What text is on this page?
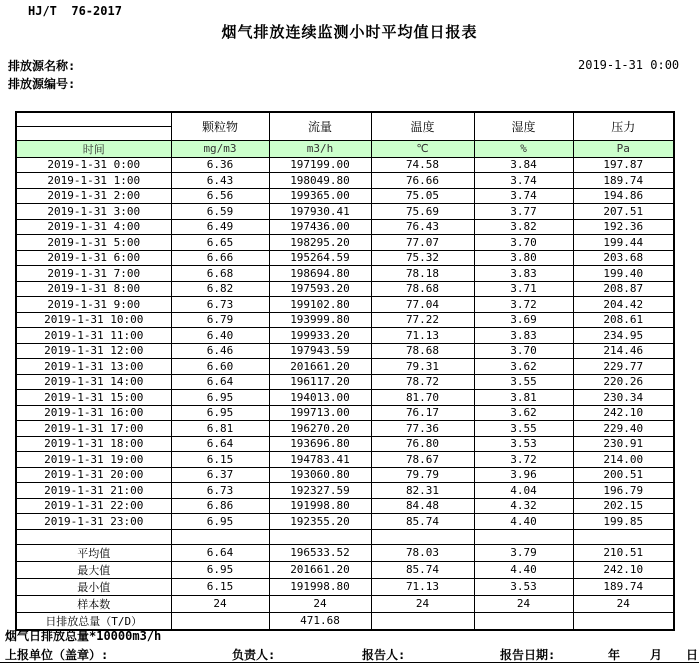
HJ/T  76-2017
烟气排放连续监测小时平均值日报表
排放源名称:
排放源编号:
2019-1-31 0:00
	颗粒物	流量	温度	湿度	压力

时间	mg/m3	m3/h	℃	%	Pa
2019-1-31 0:00	6.36	197199.00	74.58	3.84	197.87
2019-1-31 1:00	6.43	198049.80	76.66	3.74	189.74
2019-1-31 2:00	6.56	199365.00	75.05	3.74	194.86
2019-1-31 3:00	6.59	197930.41	75.69	3.77	207.51
2019-1-31 4:00	6.49	197436.00	76.43	3.82	192.36
2019-1-31 5:00	6.65	198295.20	77.07	3.70	199.44
2019-1-31 6:00	6.66	195264.59	75.32	3.80	203.68
2019-1-31 7:00	6.68	198694.80	78.18	3.83	199.40
2019-1-31 8:00	6.82	197593.20	78.68	3.71	208.87
2019-1-31 9:00	6.73	199102.80	77.04	3.72	204.42
2019-1-31 10:00	6.79	193999.80	77.22	3.69	208.61
2019-1-31 11:00	6.40	199933.20	71.13	3.83	234.95
2019-1-31 12:00	6.46	197943.59	78.68	3.70	214.46
2019-1-31 13:00	6.60	201661.20	79.31	3.62	229.77
2019-1-31 14:00	6.64	196117.20	78.72	3.55	220.26
2019-1-31 15:00	6.95	194013.00	81.70	3.81	230.34
2019-1-31 16:00	6.95	199713.00	76.17	3.62	242.10
2019-1-31 17:00	6.81	196270.20	77.36	3.55	229.40
2019-1-31 18:00	6.64	193696.80	76.80	3.53	230.91
2019-1-31 19:00	6.15	194783.41	78.67	3.72	214.00
2019-1-31 20:00	6.37	193060.80	79.79	3.96	200.51
2019-1-31 21:00	6.73	192327.59	82.31	4.04	196.79
2019-1-31 22:00	6.86	191998.80	84.48	4.32	202.15
2019-1-31 23:00	6.95	192355.20	85.74	4.40	199.85

平均值	6.64	196533.52	78.03	3.79	210.51
最大值	6.95	201661.20	85.74	4.40	242.10
最小值	6.15	191998.80	71.13	3.53	189.74
样本数	24	24	24	24	24
日排放总量（T/D）		471.68			
烟气日排放总量*10000m3/h
上报单位（盖章）:	负责人:	报告人:	报告日期:	年 月 日
